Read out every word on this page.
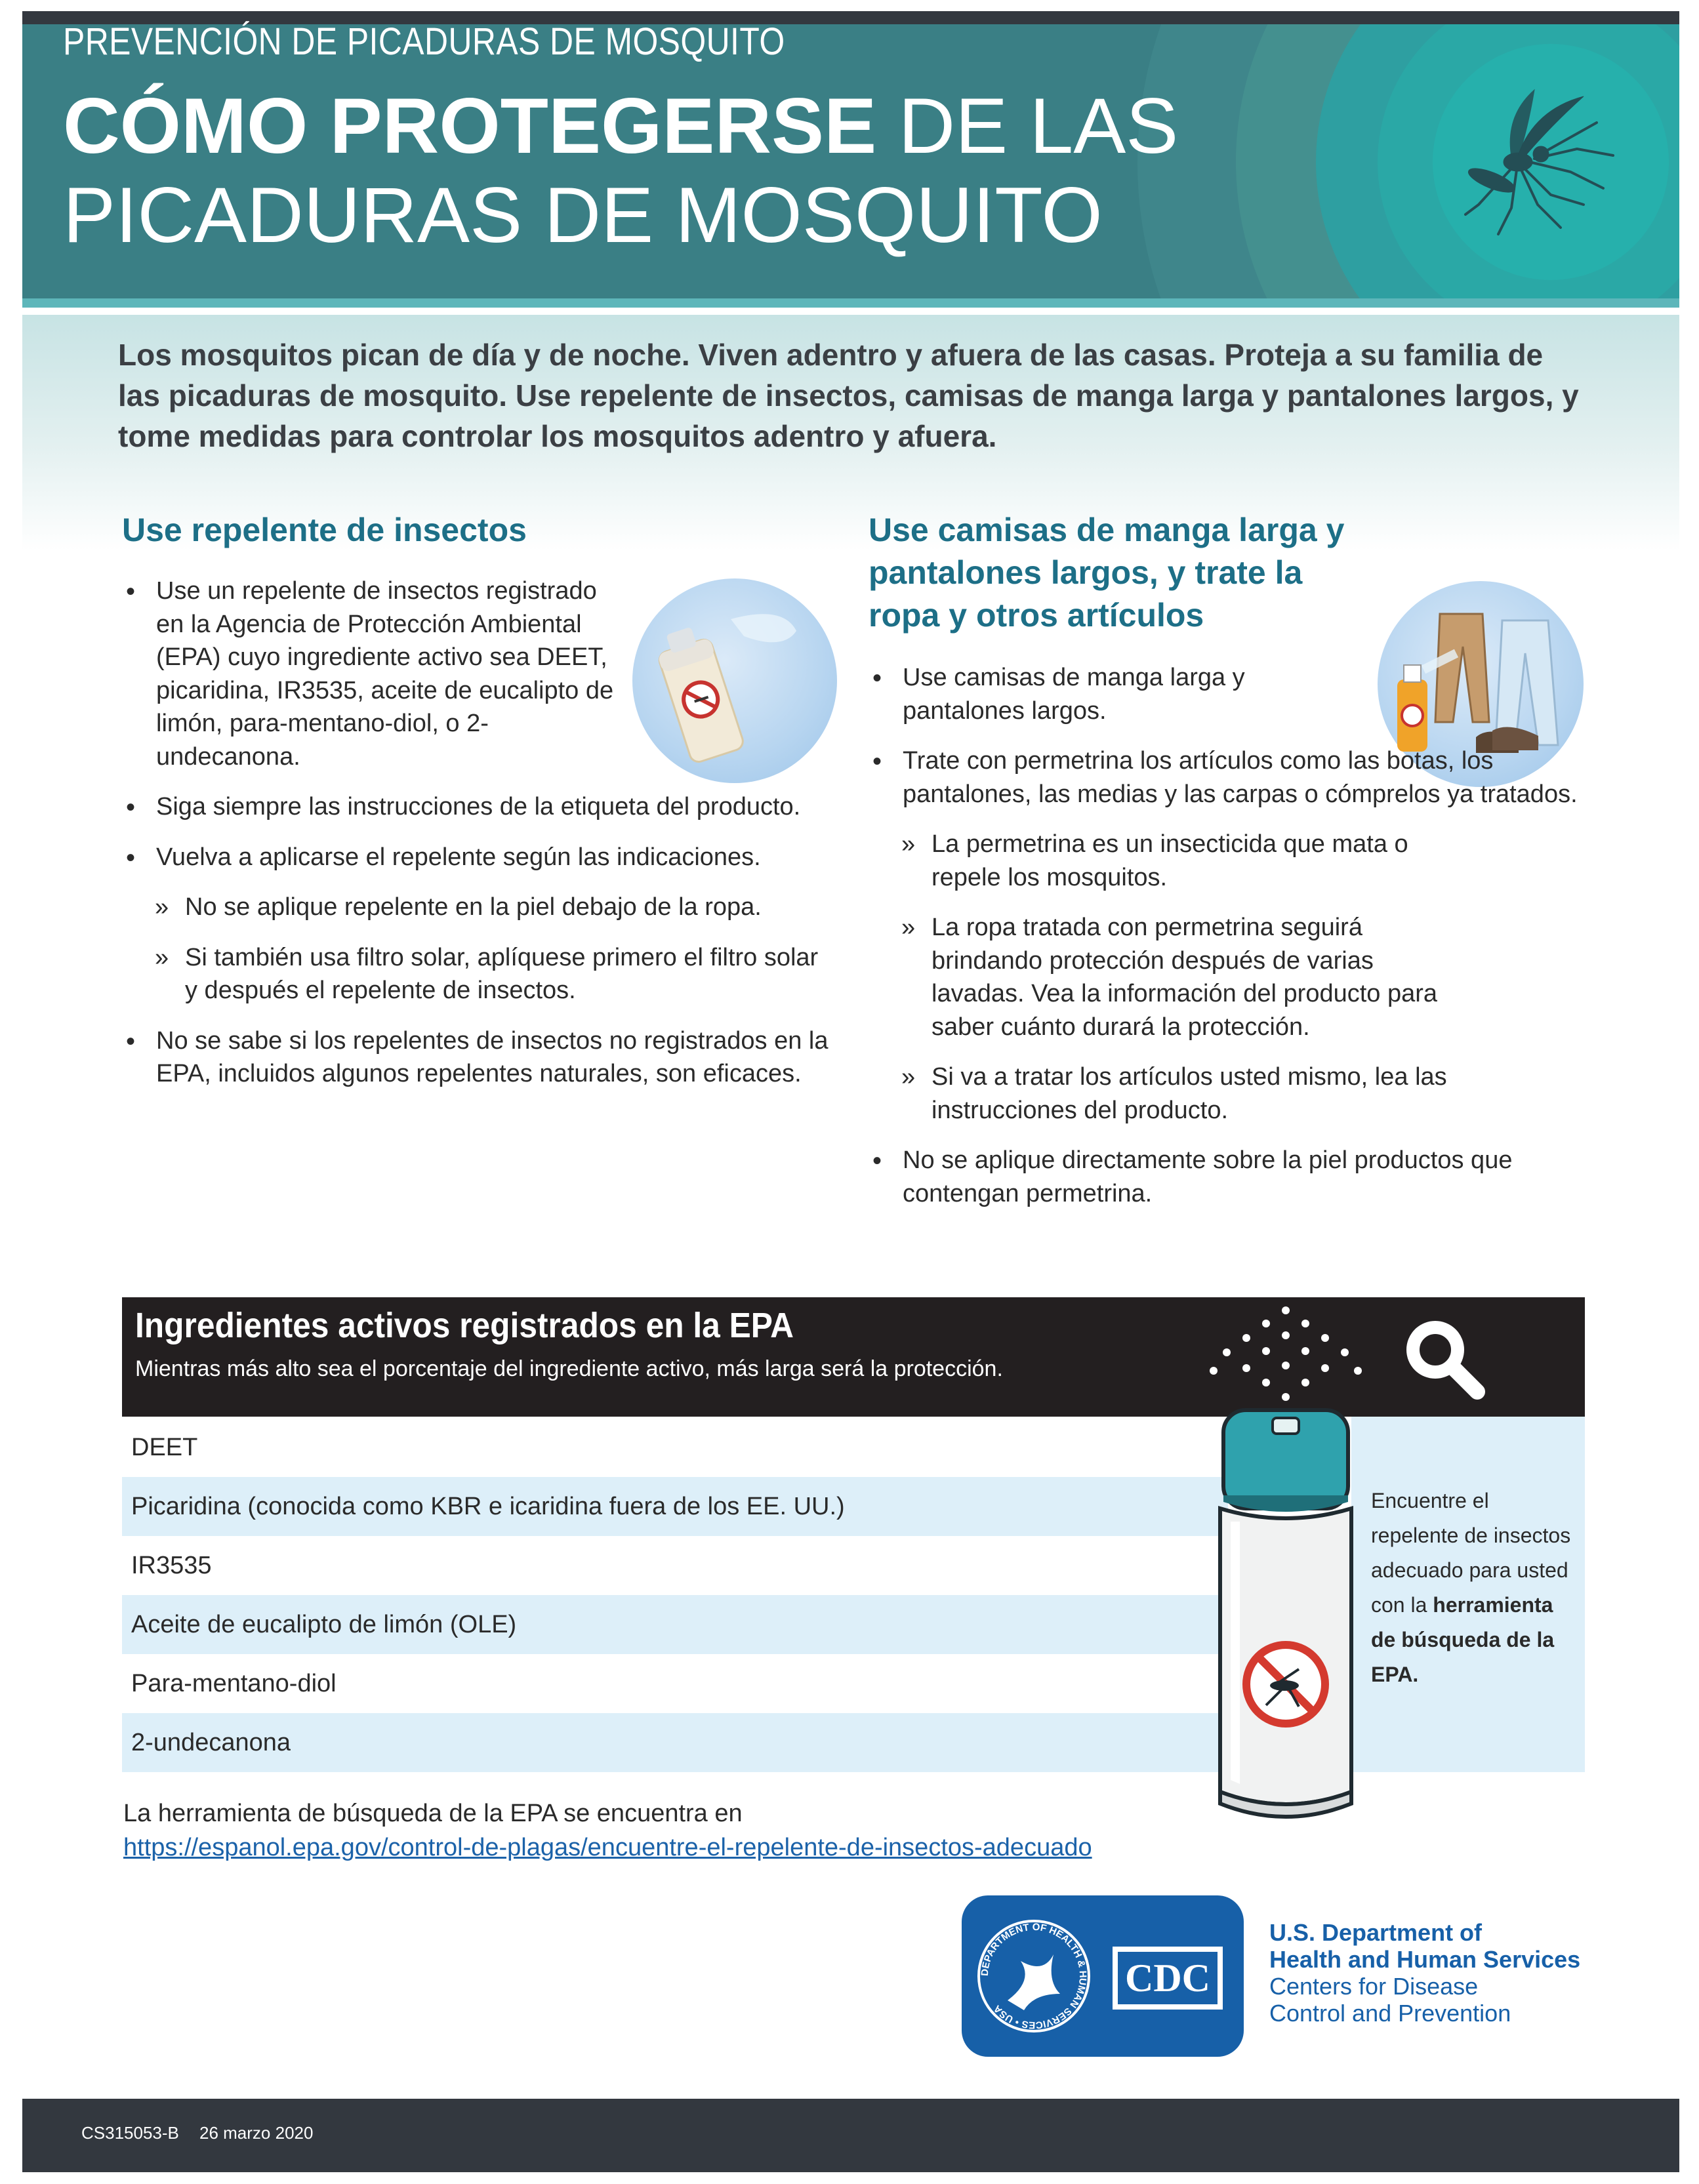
PREVENCIÓN DE PICADURAS DE MOSQUITO
CÓMO PROTEGERSE DE LAS
PICADURAS DE MOSQUITO
Los mosquitos pican de día y de noche. Viven adentro y afuera de las casas. Proteja a su familia de las picaduras de mosquito. Use repelente de insectos, camisas de manga larga y pantalones largos, y tome medidas para controlar los mosquitos adentro y afuera.
Use repelente de insectos
• Use un repelente de insectos registrado en la Agencia de Protección Ambiental (EPA) cuyo ingrediente activo sea DEET, picaridina, IR3535, aceite de eucalipto de limón, para-mentano-diol, o 2-undecanona.
• Siga siempre las instrucciones de la etiqueta del producto.
• Vuelva a aplicarse el repelente según las indicaciones.
» No se aplique repelente en la piel debajo de la ropa.
» Si también usa filtro solar, aplíquese primero el filtro solar y después el repelente de insectos.
• No se sabe si los repelentes de insectos no registrados en la EPA, incluidos algunos repelentes naturales, son eficaces.
Use camisas de manga larga y pantalones largos, y trate la ropa y otros artículos
• Use camisas de manga larga y pantalones largos.
• Trate con permetrina los artículos como las botas, los pantalones, las medias y las carpas o cómprelos ya tratados.
» La permetrina es un insecticida que mata o repele los mosquitos.
» La ropa tratada con permetrina seguirá brindando protección después de varias lavadas. Vea la información del producto para saber cuánto durará la protección.
» Si va a tratar los artículos usted mismo, lea las instrucciones del producto.
• No se aplique directamente sobre la piel productos que contengan permetrina.
Ingredientes activos registrados en la EPA
Mientras más alto sea el porcentaje del ingrediente activo, más larga será la protección.
DEET
Picaridina (conocida como KBR e icaridina fuera de los EE. UU.)
IR3535
Aceite de eucalipto de limón (OLE)
Para-mentano-diol
2-undecanona
Encuentre el repelente de insectos adecuado para usted con la herramienta de búsqueda de la EPA.
La herramienta de búsqueda de la EPA se encuentra en
https://espanol.epa.gov/control-de-plagas/encuentre-el-repelente-de-insectos-adecuado
DEPARTMENT OF HEALTH & HUMAN SERVICES • USA
CDC
U.S. Department of
Health and Human Services
Centers for Disease
Control and Prevention
CS315053-B 26 marzo 2020
